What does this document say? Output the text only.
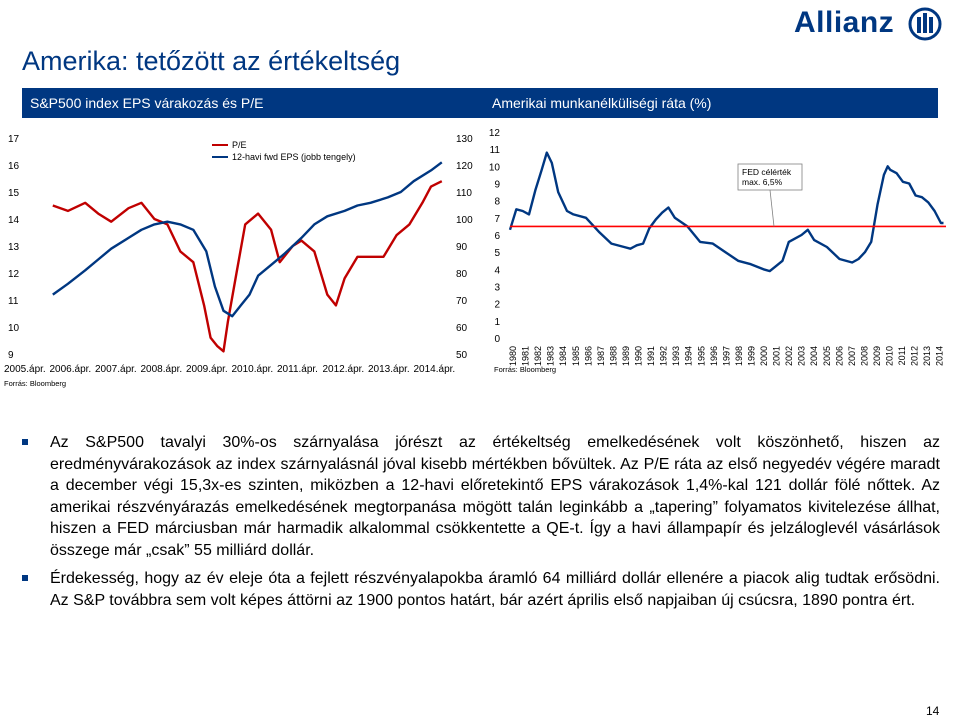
Allianz
Amerika: tetőzött az értékeltség
S&P500 index EPS várakozás és P/E	Amerikai munkanélküliségi ráta (%)
9
10
11
12
13
14
15
16
17
50
60
70
80
90
100
110
120
130
2005.ápr. 2006.ápr. 2007.ápr. 2008.ápr. 2009.ápr. 2010.ápr. 2011.ápr. 2012.ápr. 2013.ápr. 2014.ápr.
Forrás: Bloomberg
P/E
12-havi fwd EPS (jobb tengely)
0
1
2
3
4
5
6
7
8
9
10
11
12
1980 1981 1982 1983 1984 1985 1986 1987 1988 1989 1990 1991 1992 1993 1994 1995 1996 1997 1998 1999 2000 2001 2002 2003 2004 2005 2006 2007 2008 2009 2010 2011 2012 2013 2014
Forrás: Bloomberg
FED célérték
max. 6,5%
Az S&P500 tavalyi 30%-os szárnyalása jórészt az értékeltség emelkedésének volt köszönhető, hiszen az eredményvárakozások az index szárnyalásnál jóval kisebb mértékben bővültek. Az P/E ráta az első negyedév végére maradt a december végi 15,3x-es szinten, miközben a 12-havi előretekintő EPS várakozások 1,4%-kal 121 dollár fölé nőttek. Az amerikai részvényárazás emelkedésének megtorpanása mögött talán leginkább a „tapering” folyamatos kivitelezése állhat, hiszen a FED márciusban már harmadik alkalommal csökkentette a QE-t. Így a havi állampapír és jelzáloglevél vásárlások összege már „csak” 55 milliárd dollár.
Érdekesség, hogy az év eleje óta a fejlett részvényalapokba áramló 64 milliárd dollár ellenére a piacok alig tudtak erősödni. Az S&P továbbra sem volt képes áttörni az 1900 pontos határt, bár azért április első napjaiban új csúcsra, 1890 pontra ért.
14
